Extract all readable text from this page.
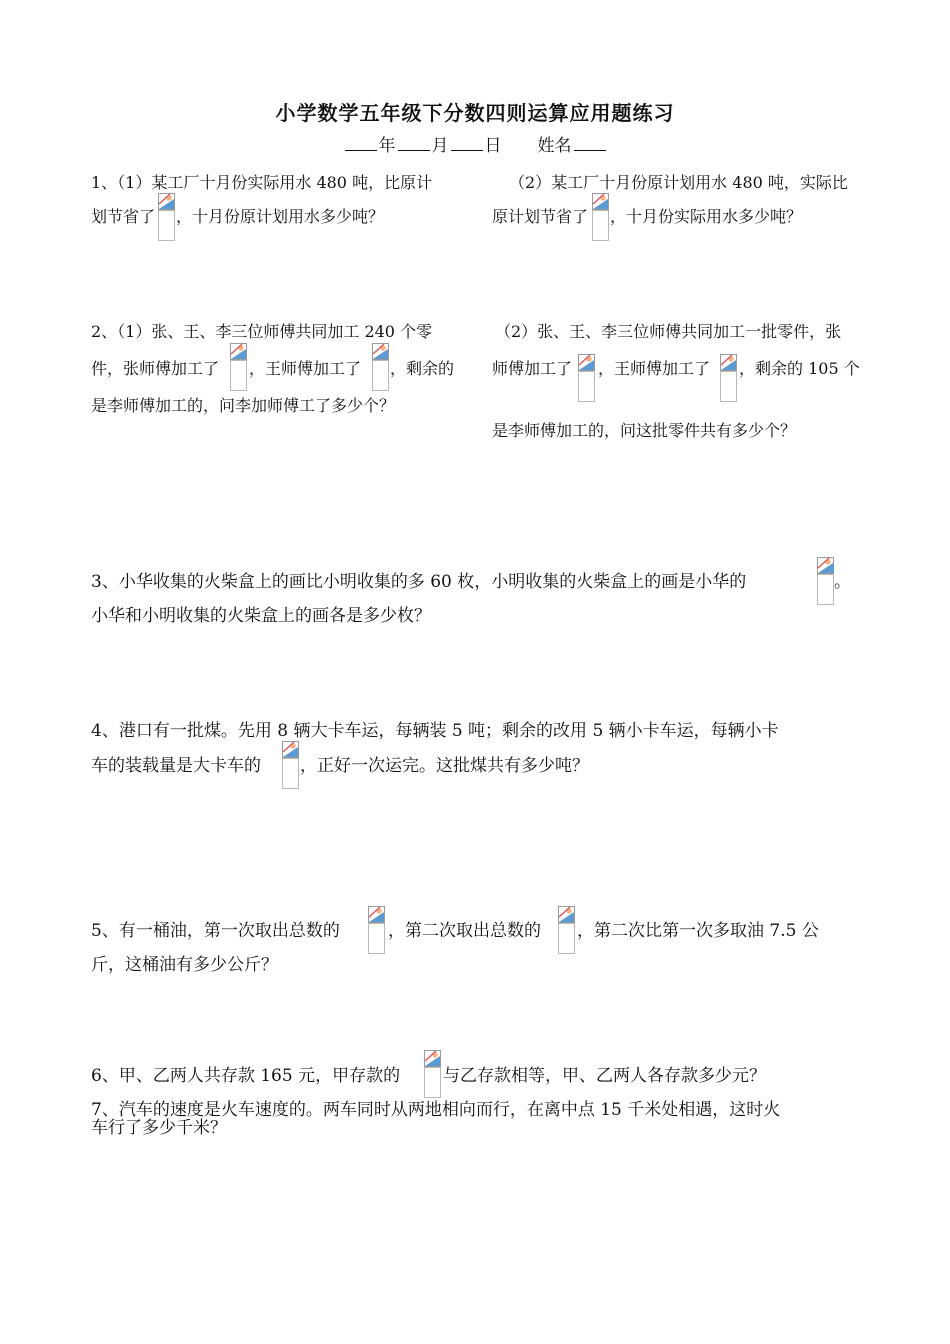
小学数学五年级下分数四则运算应用题练习
年 月 日 姓名
1、（1）某工厂十月份实际用水 480 吨，比原计
划节省了 ，十月份原计划用水多少吨？
（2）某工厂十月份原计划用水 480 吨，实际比
原计划节省了 ，十月份实际用水多少吨？
2、（1）张、王、李三位师傅共同加工 240 个零
件，张师傅加工了 ，王师傅加工了 ，剩余的
是李师傅加工的，问李加师傅工了多少个？
（2）张、王、李三位师傅共同加工一批零件，张
师傅加工了 ，王师傅加工了 ，剩余的 105 个
是李师傅加工的，问这批零件共有多少个？
3、小华收集的火柴盒上的画比小明收集的多 60 枚，小明收集的火柴盒上的画是小华的	。
小华和小明收集的火柴盒上的画各是多少枚？
4、港口有一批煤。先用 8 辆大卡车运，每辆装 5 吨；剩余的改用 5 辆小卡车运，每辆小卡
车的装载量是大卡车的 ，正好一次运完。这批煤共有多少吨？
5、有一桶油，第一次取出总数的	，第二次取出总数的 ，第二次比第一次多取油 7.5 公
斤，这桶油有多少公斤？
6、甲、乙两人共存款 165 元，甲存款的	与乙存款相等，甲、乙两人各存款多少元？
7、汽车的速度是火车速度的。两车同时从两地相向而行，在离中点 15 千米处相遇，这时火
车行了多少千米？
